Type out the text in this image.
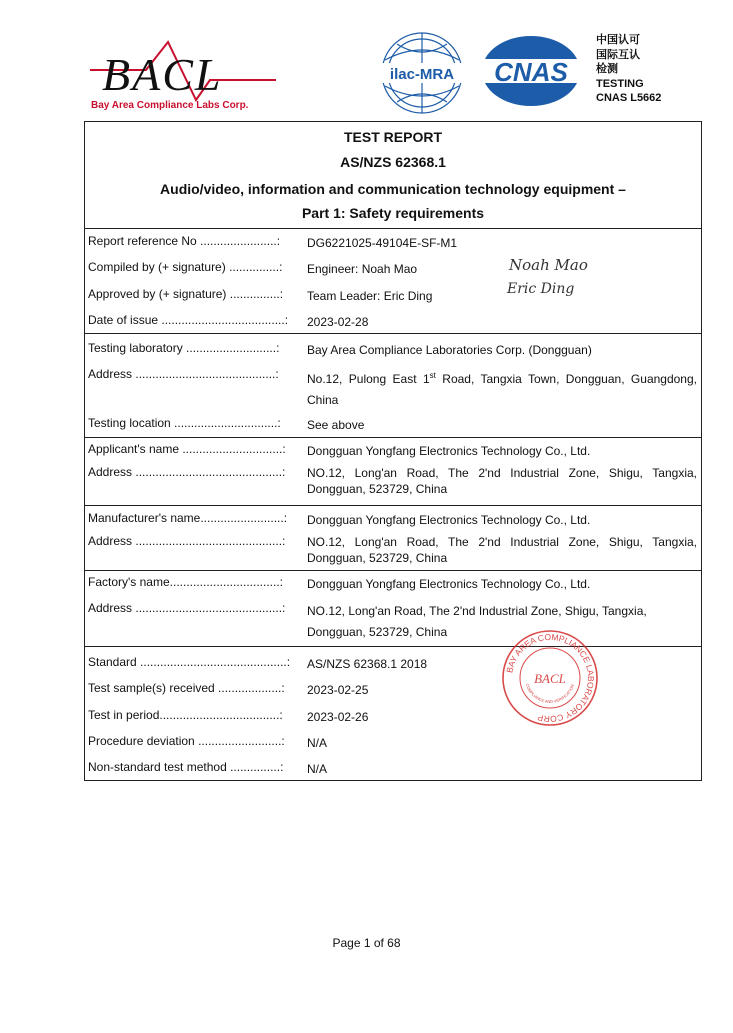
BACL
Bay Area Compliance Labs Corp.
ilac-MRA CNAS
中国认可
国际互认
检测
TESTING
CNAS L5662
TEST REPORT
AS/NZS 62368.1
Audio/video, information and communication technology equipment –
Part 1: Safety requirements
Report reference No .......................:	DG6221025-49104E-SF-M1
Compiled by (+ signature) ...............:	Engineer: Noah Mao	Noah Mao
Approved by (+ signature) ...............:	Team Leader: Eric Ding	Eric Ding
Date of issue .....................................:	2023-02-28
Testing laboratory ...........................:	Bay Area Compliance Laboratories Corp. (Dongguan)
Address ..........................................:	No.12, Pulong East 1st Road, Tangxia Town, Dongguan, Guangdong,
China
Testing location ...............................:	See above
Applicant's name ..............................:	Dongguan Yongfang Electronics Technology Co., Ltd.
Address ............................................:	NO.12, Long'an Road, The 2'nd Industrial Zone, Shigu, Tangxia,
Dongguan, 523729, China
Manufacturer's name.........................:	Dongguan Yongfang Electronics Technology Co., Ltd.
Address ............................................:	NO.12, Long'an Road, The 2'nd Industrial Zone, Shigu, Tangxia,
Dongguan, 523729, China
Factory's name.................................:	Dongguan Yongfang Electronics Technology Co., Ltd.
Address ............................................:	NO.12, Long'an Road, The 2'nd Industrial Zone, Shigu, Tangxia,
Dongguan, 523729, China
Standard ............................................:	AS/NZS 62368.1 2018
Test sample(s) received ...................:	2023-02-25
Test in period....................................:	2023-02-26
Procedure deviation .........................:	N/A
Non-standard test method ...............:	N/A
BAY AREA COMPLIANCE LABORATORY CORP
COMPLIANCE AND VERIFICATION
BACL
Page 1 of 68
